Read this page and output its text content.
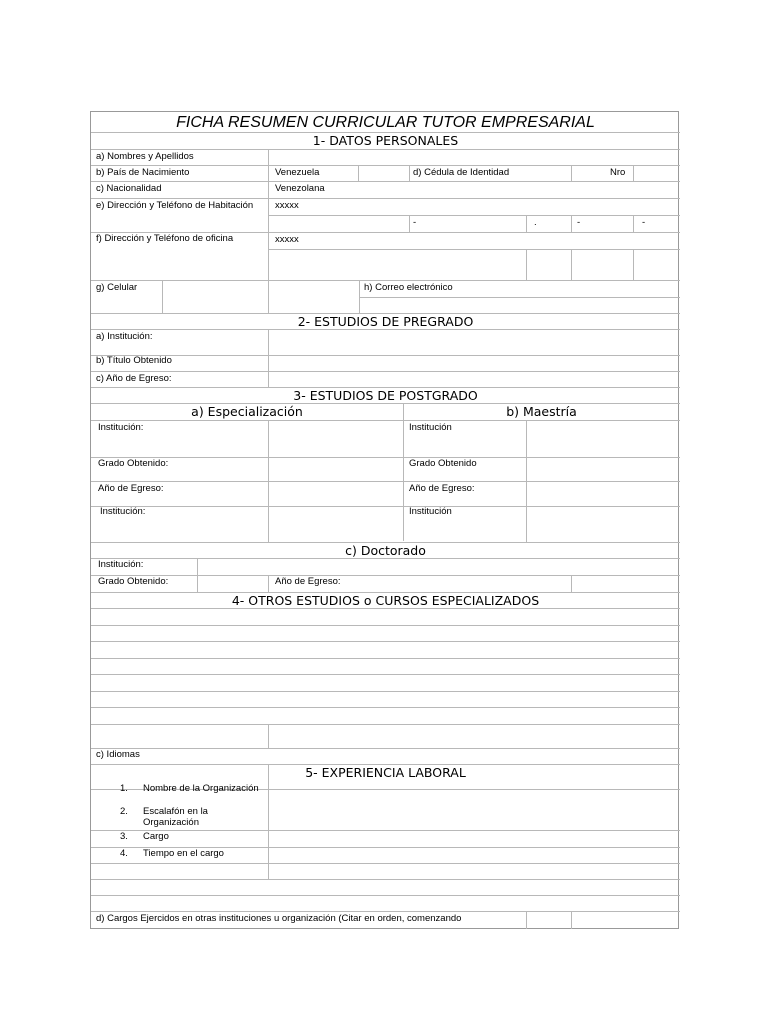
FICHA RESUMEN CURRICULAR TUTOR EMPRESARIAL
1- DATOS PERSONALES
a) Nombres y Apellidos
b) País de Nacimiento	Venezuela	d) Cédula de Identidad	Nro
c) Nacionalidad	Venezolana
e) Dirección y Teléfono de Habitación	xxxxx
-	.	-	-
f) Dirección y Teléfono de oficina	xxxxx
g) Celular	h) Correo electrónico
2- ESTUDIOS DE PREGRADO
a) Institución:
b) Título Obtenido
c) Año de Egreso:
3- ESTUDIOS DE POSTGRADO
a) Especialización	b) Maestría
Institución:	Institución
Grado Obtenido:	Grado Obtenido
Año de Egreso:	Año de Egreso:
Institución:	Institución
c) Doctorado
Institución:
Grado Obtenido:	Año de Egreso:
4- OTROS ESTUDIOS o CURSOS ESPECIALIZADOS
c) Idiomas
5- EXPERIENCIA LABORAL
1. Nombre de la Organización
2. Escalafón en la Organización
3. Cargo
4. Tiempo en el cargo
d) Cargos Ejercidos en otras instituciones u organización (Citar en orden, comenzando
